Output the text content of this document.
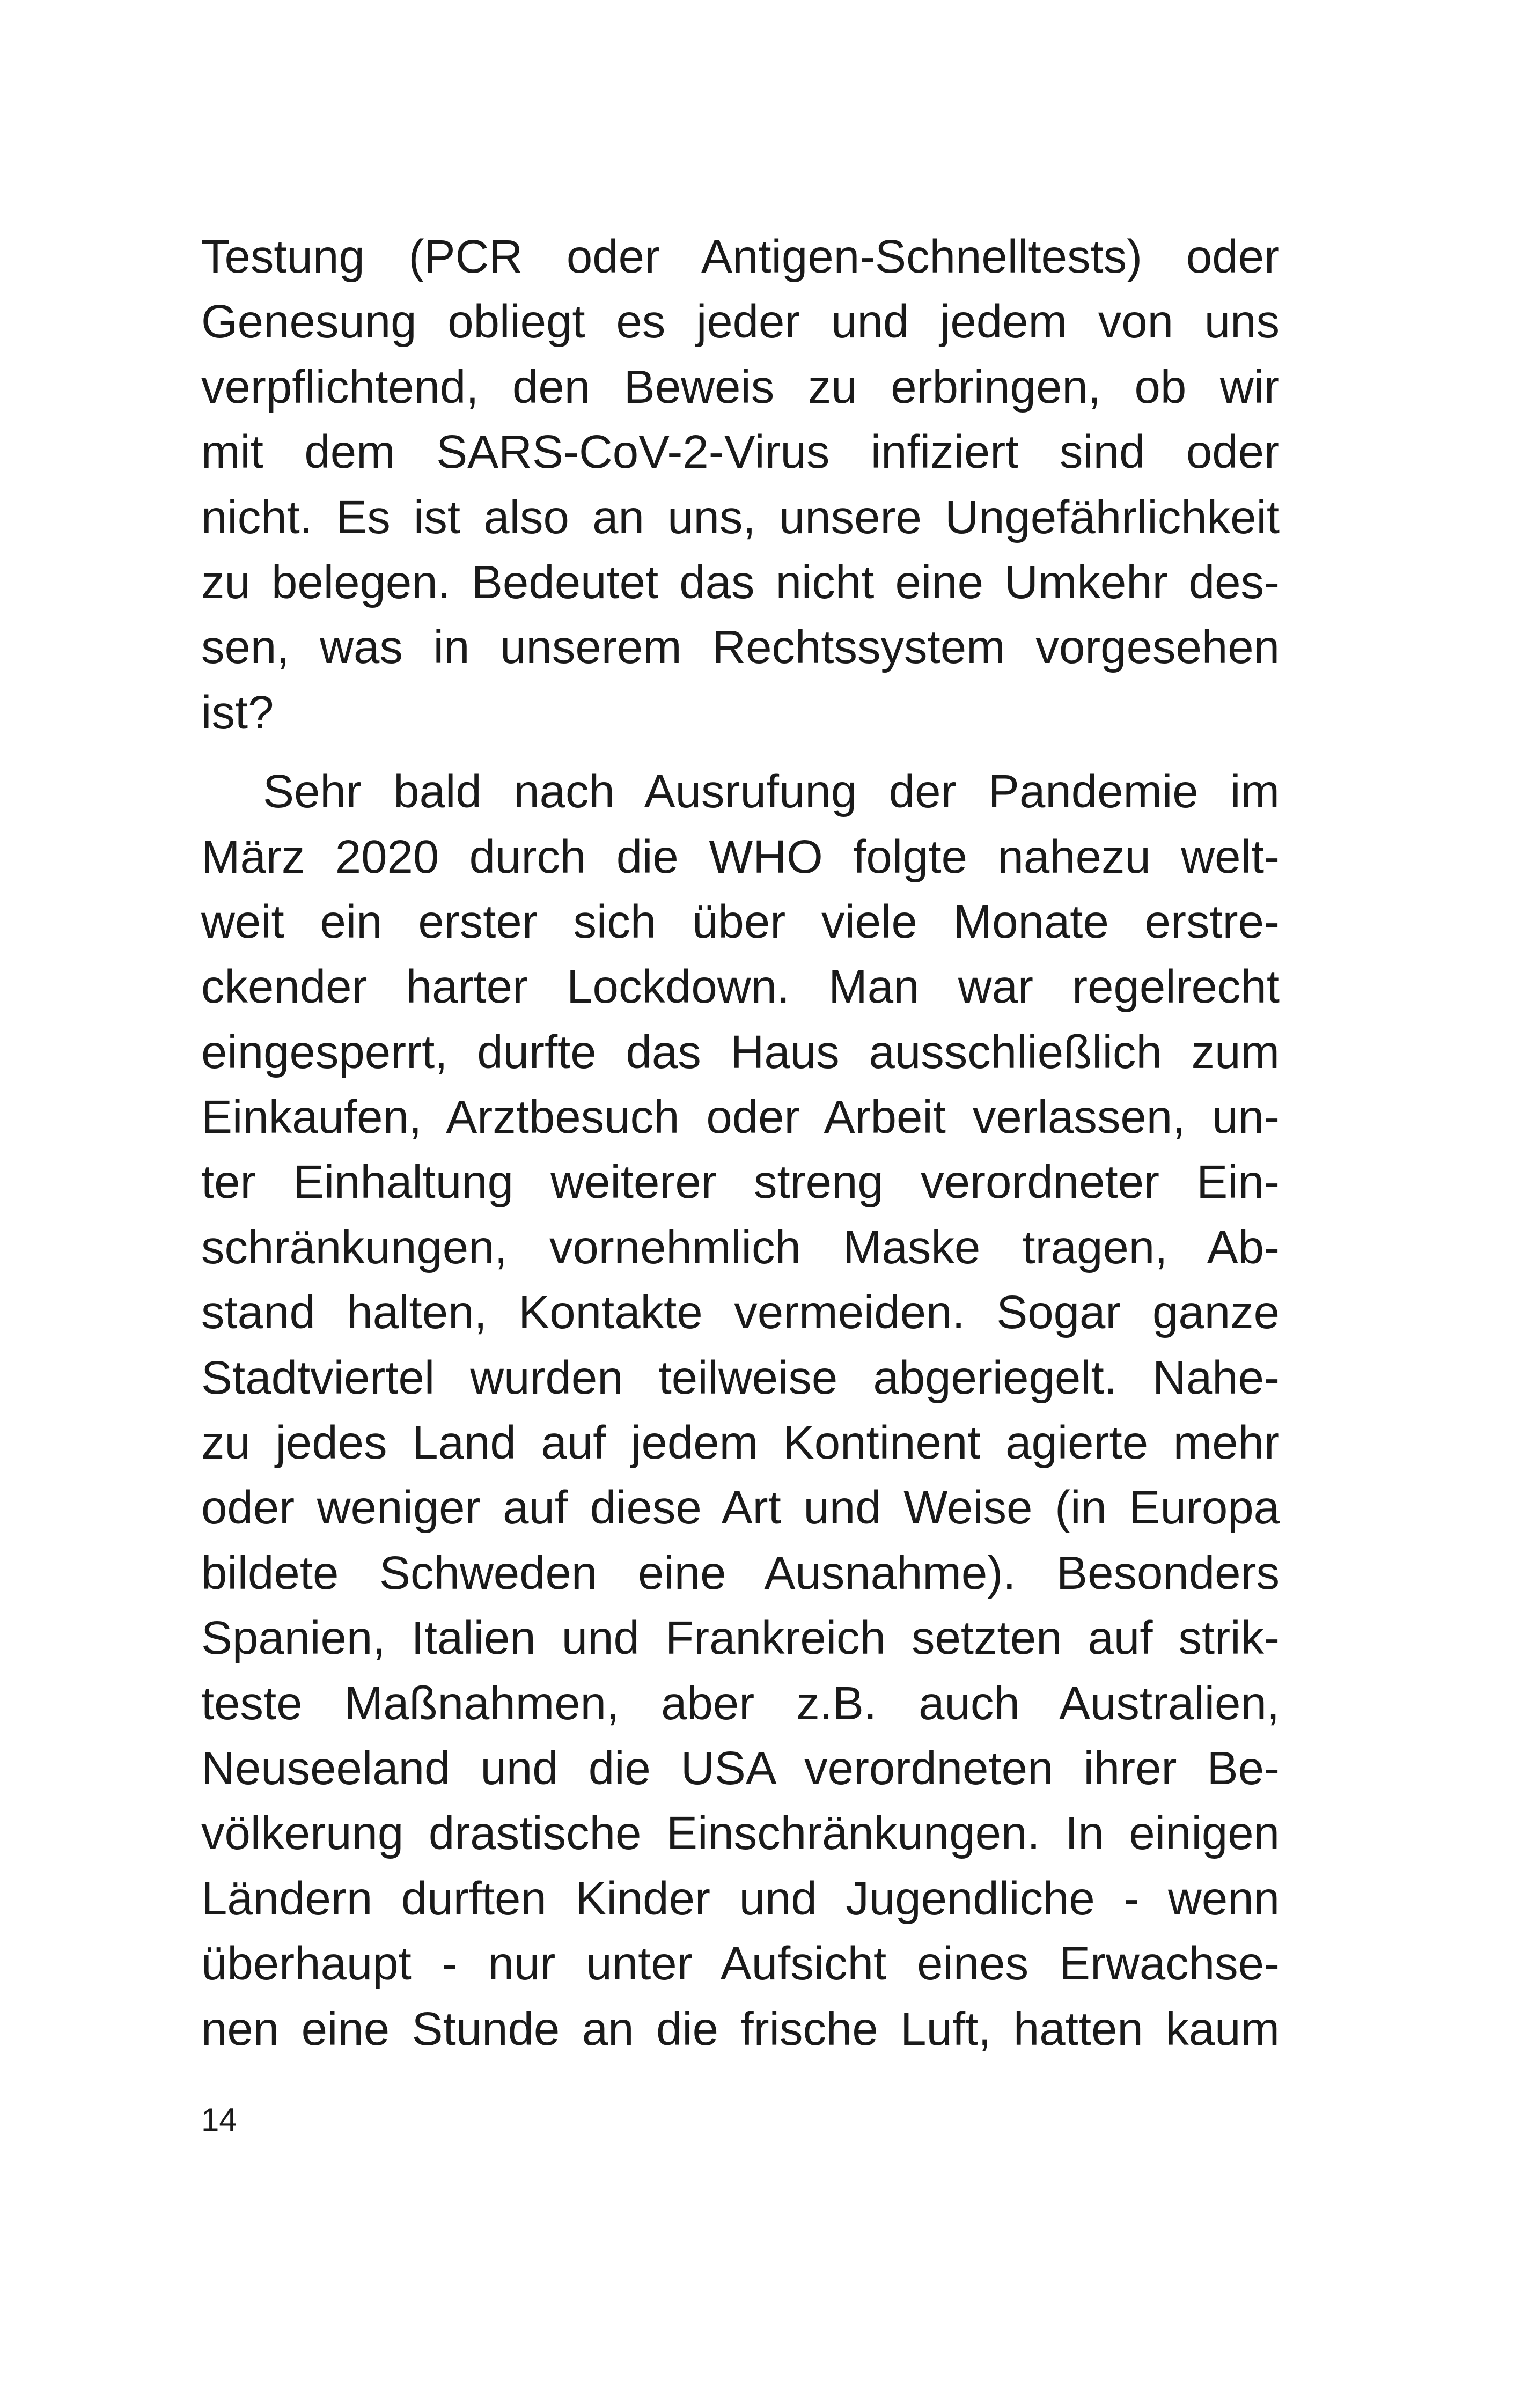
Testung (PCR oder Antigen-Schnelltests) oder
Genesung obliegt es jeder und jedem von uns
verpflichtend, den Beweis zu erbringen, ob wir
mit dem SARS-CoV-2-Virus infiziert sind oder
nicht. Es ist also an uns, unsere Ungefährlichkeit
zu belegen. Bedeutet das nicht eine Umkehr des-
sen, was in unserem Rechtssystem vorgesehen
ist?
Sehr bald nach Ausrufung der Pandemie im
März 2020 durch die WHO folgte nahezu welt-
weit ein erster sich über viele Monate erstre-
ckender harter Lockdown. Man war regelrecht
eingesperrt, durfte das Haus ausschließlich zum
Einkaufen, Arztbesuch oder Arbeit verlassen, un-
ter Einhaltung weiterer streng verordneter Ein-
schränkungen, vornehmlich Maske tragen, Ab-
stand halten, Kontakte vermeiden. Sogar ganze
Stadtviertel wurden teilweise abgeriegelt. Nahe-
zu jedes Land auf jedem Kontinent agierte mehr
oder weniger auf diese Art und Weise (in Europa
bildete Schweden eine Ausnahme). Besonders
Spanien, Italien und Frankreich setzten auf strik-
teste Maßnahmen, aber z.B. auch Australien,
Neuseeland und die USA verordneten ihrer Be-
völkerung drastische Einschränkungen. In einigen
Ländern durften Kinder und Jugendliche - wenn
überhaupt - nur unter Aufsicht eines Erwachse-
nen eine Stunde an die frische Luft, hatten kaum
14
